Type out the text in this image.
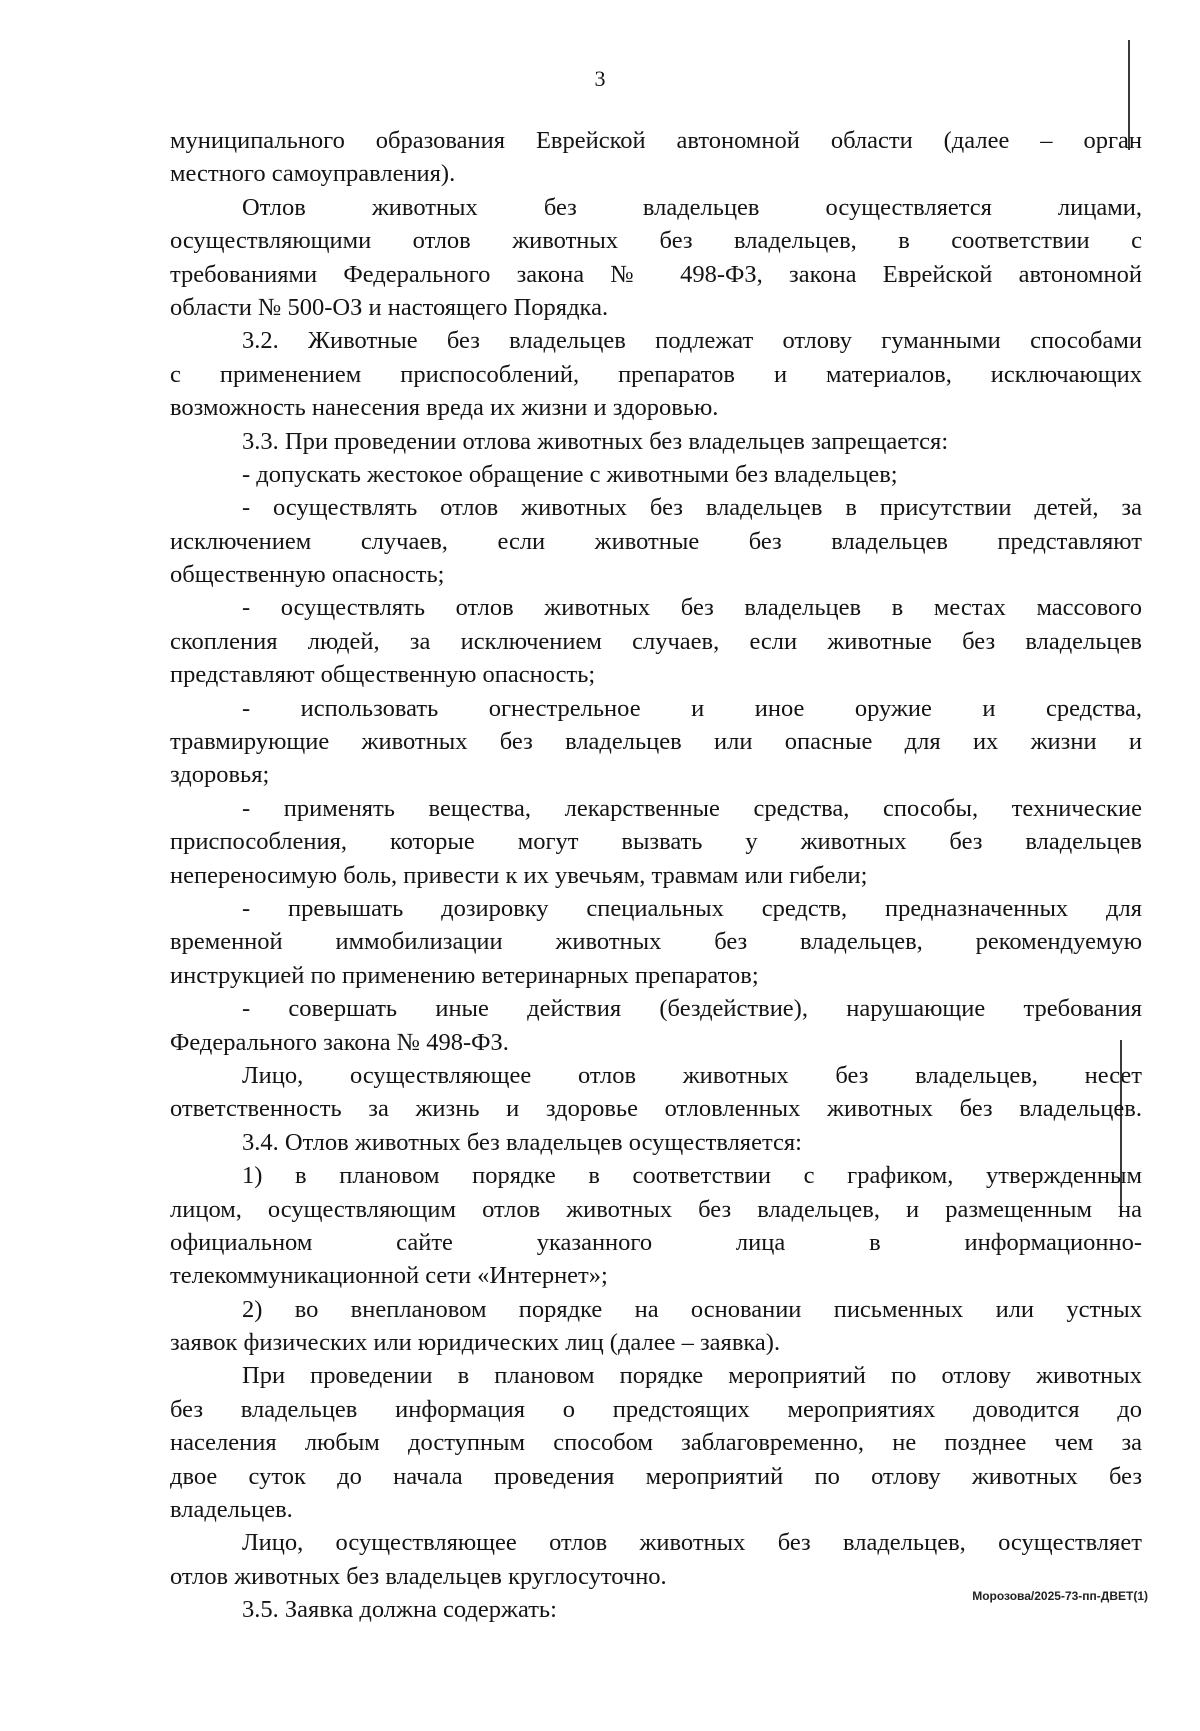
3
муниципального образования Еврейской автономной области (далее – орган
местного самоуправления).
Отлов животных без владельцев осуществляется лицами,
осуществляющими отлов животных без владельцев, в соответствии с
требованиями Федерального закона № 498-ФЗ, закона Еврейской автономной
области № 500-ОЗ и настоящего Порядка.
3.2. Животные без владельцев подлежат отлову гуманными способами
с применением приспособлений, препаратов и материалов, исключающих
возможность нанесения вреда их жизни и здоровью.
3.3. При проведении отлова животных без владельцев запрещается:
- допускать жестокое обращение с животными без владельцев;
- осуществлять отлов животных без владельцев в присутствии детей, за
исключением случаев, если животные без владельцев представляют
общественную опасность;
- осуществлять отлов животных без владельцев в местах массового
скопления людей, за исключением случаев, если животные без владельцев
представляют общественную опасность;
- использовать огнестрельное и иное оружие и средства,
травмирующие животных без владельцев или опасные для их жизни и
здоровья;
- применять вещества, лекарственные средства, способы, технические
приспособления, которые могут вызвать у животных без владельцев
непереносимую боль, привести к их увечьям, травмам или гибели;
- превышать дозировку специальных средств, предназначенных для
временной иммобилизации животных без владельцев, рекомендуемую
инструкцией по применению ветеринарных препаратов;
- совершать иные действия (бездействие), нарушающие требования
Федерального закона № 498-ФЗ.
Лицо, осуществляющее отлов животных без владельцев, несет
ответственность за жизнь и здоровье отловленных животных без владельцев.
3.4. Отлов животных без владельцев осуществляется:
1) в плановом порядке в соответствии с графиком, утвержденным
лицом, осуществляющим отлов животных без владельцев, и размещенным на
официальном сайте указанного лица в информационно-
телекоммуникационной сети «Интернет»;
2) во внеплановом порядке на основании письменных или устных
заявок физических или юридических лиц (далее – заявка).
При проведении в плановом порядке мероприятий по отлову животных
без владельцев информация о предстоящих мероприятиях доводится до
населения любым доступным способом заблаговременно, не позднее чем за
двое суток до начала проведения мероприятий по отлову животных без
владельцев.
Лицо, осуществляющее отлов животных без владельцев, осуществляет
отлов животных без владельцев круглосуточно.
3.5. Заявка должна содержать:
Морозова/2025-73-пп-ДВЕТ(1)
